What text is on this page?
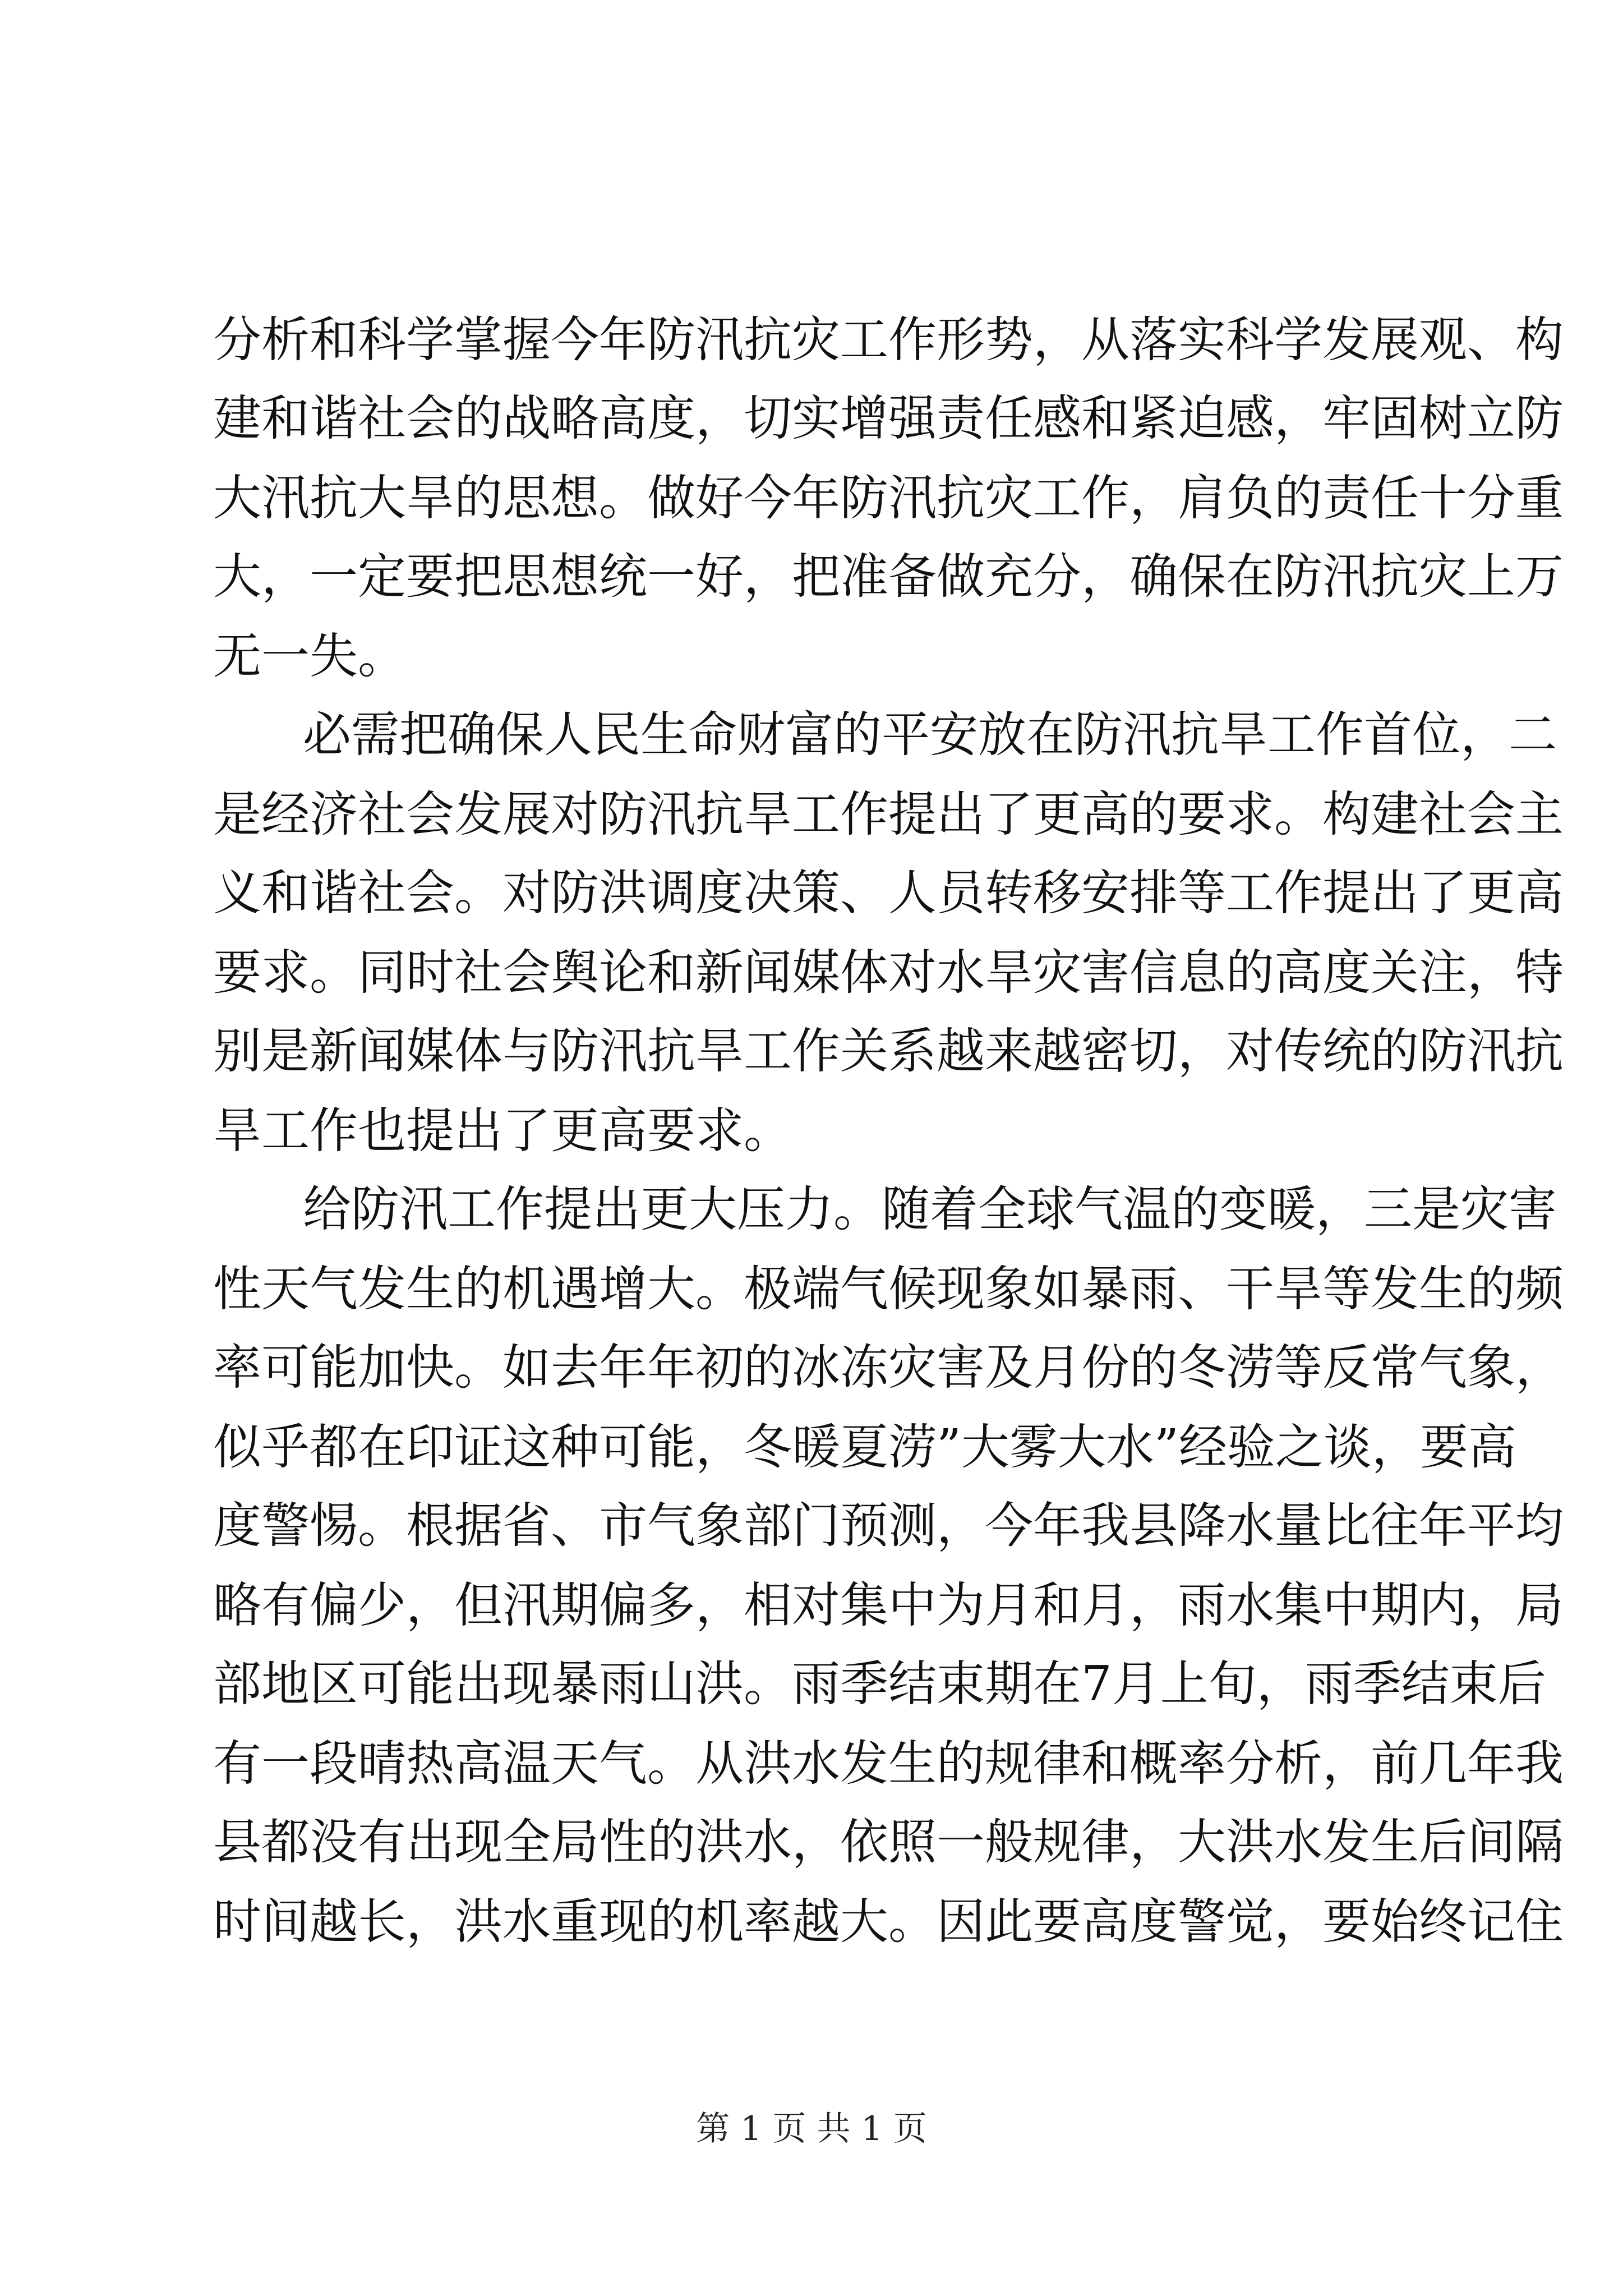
分析和科学掌握今年防汛抗灾工作形势，从落实科学发展观、构
建和谐社会的战略高度，切实增强责任感和紧迫感，牢固树立防
大汛抗大旱的思想。做好今年防汛抗灾工作，肩负的责任十分重
大，一定要把思想统一好，把准备做充分，确保在防汛抗灾上万
无一失。
必需把确保人民生命财富的平安放在防汛抗旱工作首位，二
是经济社会发展对防汛抗旱工作提出了更高的要求。构建社会主
义和谐社会。对防洪调度决策、人员转移安排等工作提出了更高
要求。同时社会舆论和新闻媒体对水旱灾害信息的高度关注，特
别是新闻媒体与防汛抗旱工作关系越来越密切，对传统的防汛抗
旱工作也提出了更高要求。
给防汛工作提出更大压力。随着全球气温的变暖，三是灾害
性天气发生的机遇增大。极端气候现象如暴雨、干旱等发生的频
率可能加快。如去年年初的冰冻灾害及月份的冬涝等反常气象，
似乎都在印证这种可能，冬暖夏涝”大雾大水”经验之谈，要高
度警惕。根据省、市气象部门预测，今年我县降水量比往年平均
略有偏少，但汛期偏多，相对集中为月和月，雨水集中期内，局
部地区可能出现暴雨山洪。雨季结束期在7月上旬，雨季结束后
有一段晴热高温天气。从洪水发生的规律和概率分析，前几年我
县都没有出现全局性的洪水，依照一般规律，大洪水发生后间隔
时间越长，洪水重现的机率越大。因此要高度警觉，要始终记住
第 1 页 共 1 页
